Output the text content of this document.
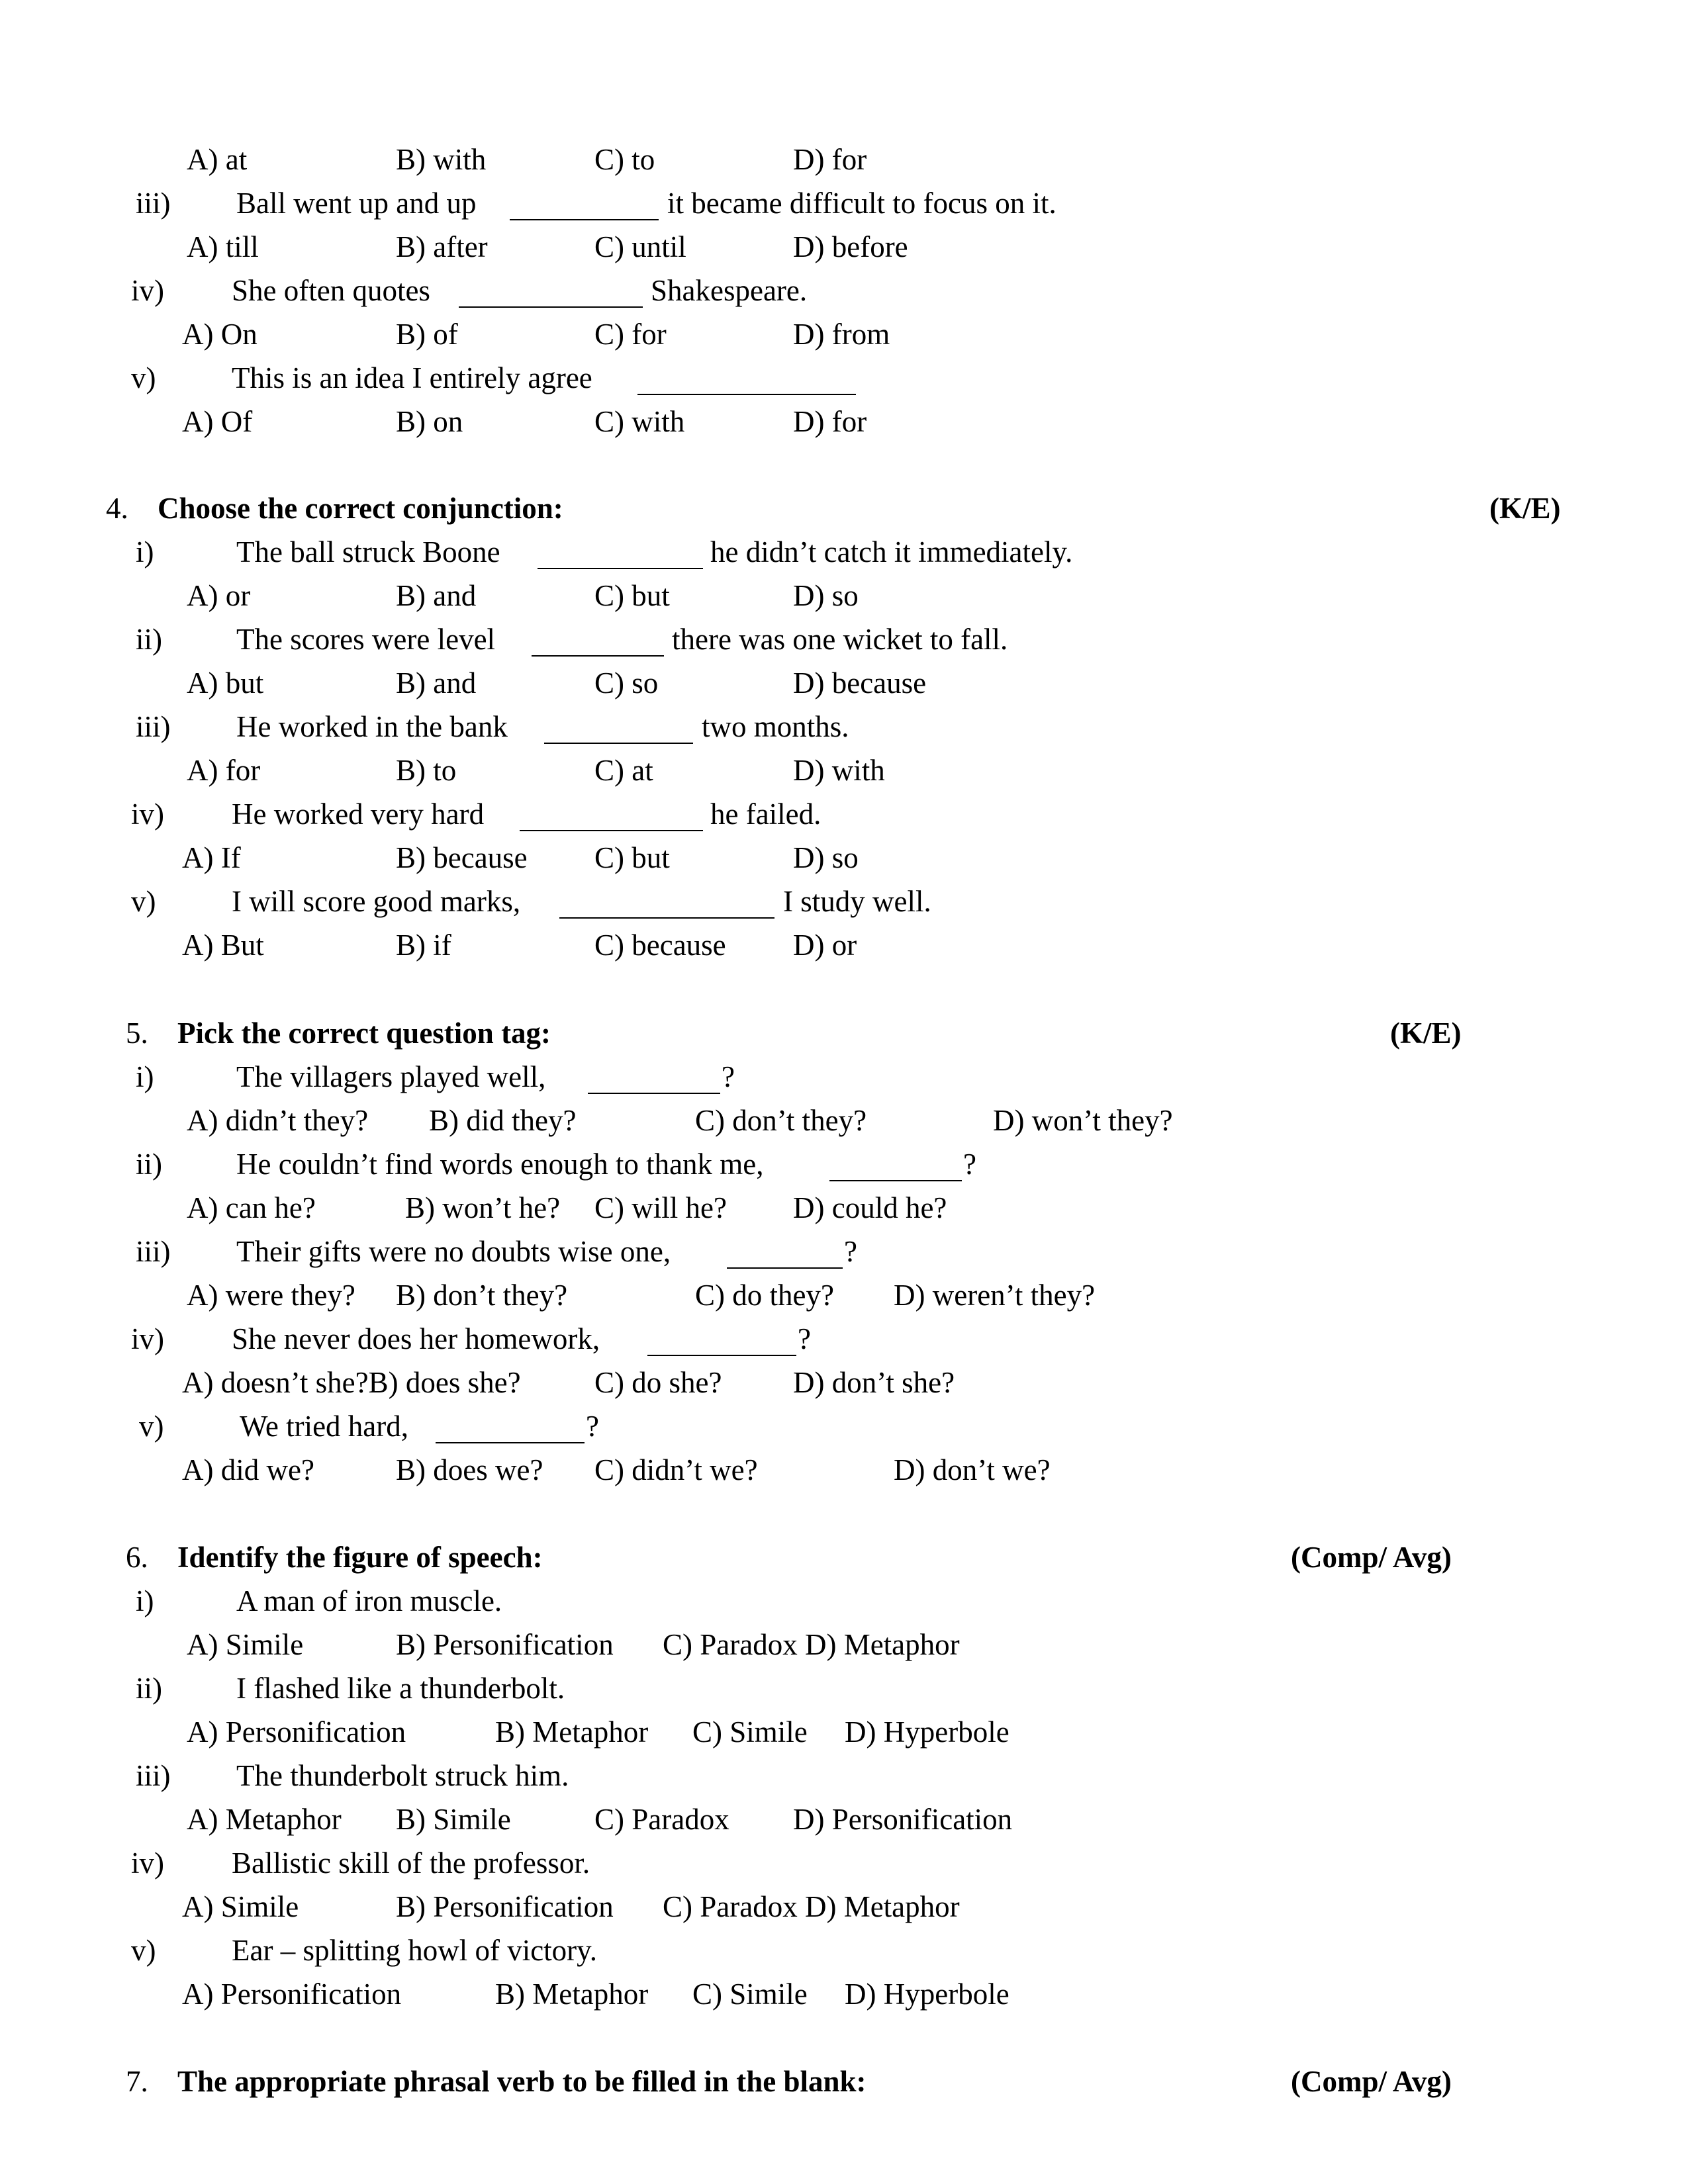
A) at	B) with	C) to	D) for
iii) Ball went up and up	it became difficult to focus on it.
A) till	B) after	C) until	D) before
iv) She often quotes	Shakespeare.
A) On	B) of	C) for	D) from
v)	This is an idea I entirely agree
A) Of	B) on	C) with	D) for
4. Choose the correct conjunction:	(K/E)
i)	The ball struck Boone	he didn’t catch it immediately.
A) or	B) and	C) but	D) so
ii) The scores were level	there was one wicket to fall.
A) but	B) and	C) so	D) because
iii) He worked in the bank	two months.
A) for	B) to	C) at	D) with
iv) He worked very hard	he failed.
A) If	B) because C) but	D) so
v)	I will score good marks,	I study well.
A) But	B) if	C) because D) or
5. Pick the correct question tag:	(K/E)
i)	The villagers played well,	?
A) didn’t they? B) did they?	C) don’t they?	D) won’t they?
ii) He couldn’t find words enough to thank me,	?
A) can he?	B) won’t he? C) will he? D) could he?
iii) Their gifts were no doubts wise one,	?
A) were they? B) don’t they?	C) do they? D) weren’t they?
iv) She never does her homework,	?
A) doesn’t she?B) does she? C) do she? D) don’t she?
v)	We tried hard,	?
A) did we?	B) does we? C) didn’t we?	D) don’t we?
6. Identify the figure of speech:	(Comp/ Avg)
i)	A man of iron muscle.
A) Simile	B) Personification C) Paradox D) Metaphor
ii) I flashed like a thunderbolt.
A) Personification	B) Metaphor C) Simile D) Hyperbole
iii) The thunderbolt struck him.
A) Metaphor B) Simile	C) Paradox D) Personification
iv) Ballistic skill of the professor.
A) Simile	B) Personification C) Paradox D) Metaphor
v)	Ear – splitting howl of victory.
A) Personification	B) Metaphor C) Simile D) Hyperbole
7. The appropriate phrasal verb to be filled in the blank:	(Comp/ Avg)
